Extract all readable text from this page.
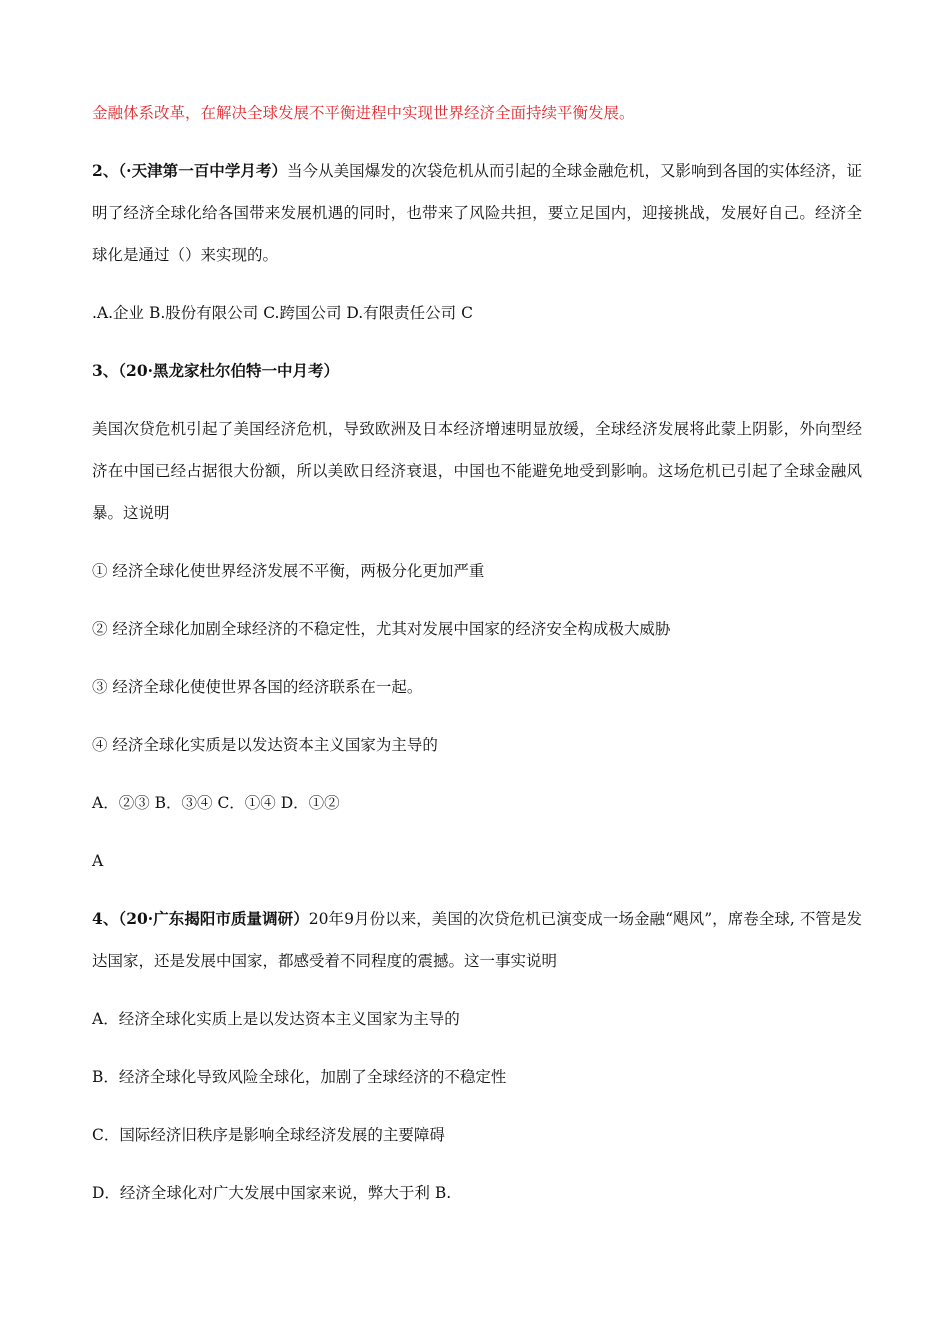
金融体系改革，在解决全球发展不平衡进程中实现世界经济全面持续平衡发展。

2、（·天津第一百中学月考）当今从美国爆发的次袋危机从而引起的全球金融危机，又影响到各国的实体经济，证明了经济全球化给各国带来发展机遇的同时，也带来了风险共担，要立足国内，迎接挑战，发展好自己。经济全球化是通过（）来实现的。

.A.企业 B.股份有限公司 C.跨国公司 D.有限责任公司 C

3、（20·黑龙家杜尔伯特一中月考）

美国次贷危机引起了美国经济危机，导致欧洲及日本经济增速明显放缓，全球经济发展将此蒙上阴影，外向型经济在中国已经占据很大份额，所以美欧日经济衰退，中国也不能避免地受到影响。这场危机已引起了全球金融风暴。这说明

① 经济全球化使世界经济发展不平衡，两极分化更加严重

② 经济全球化加剧全球经济的不稳定性，尤其对发展中国家的经济安全构成极大威胁

③ 经济全球化使使世界各国的经济联系在一起。

④ 经济全球化实质是以发达资本主义国家为主导的

A．②③ B．③④ C．①④ D．①②

A

4、（20·广东揭阳市质量调研）20年9月份以来，美国的次贷危机已演变成一场金融“飓风”，席卷全球, 不管是发达国家，还是发展中国家，都感受着不同程度的震撼。这一事实说明

A．经济全球化实质上是以发达资本主义国家为主导的

B．经济全球化导致风险全球化，加剧了全球经济的不稳定性

C．国际经济旧秩序是影响全球经济发展的主要障碍

D．经济全球化对广大发展中国家来说，弊大于利 B.
